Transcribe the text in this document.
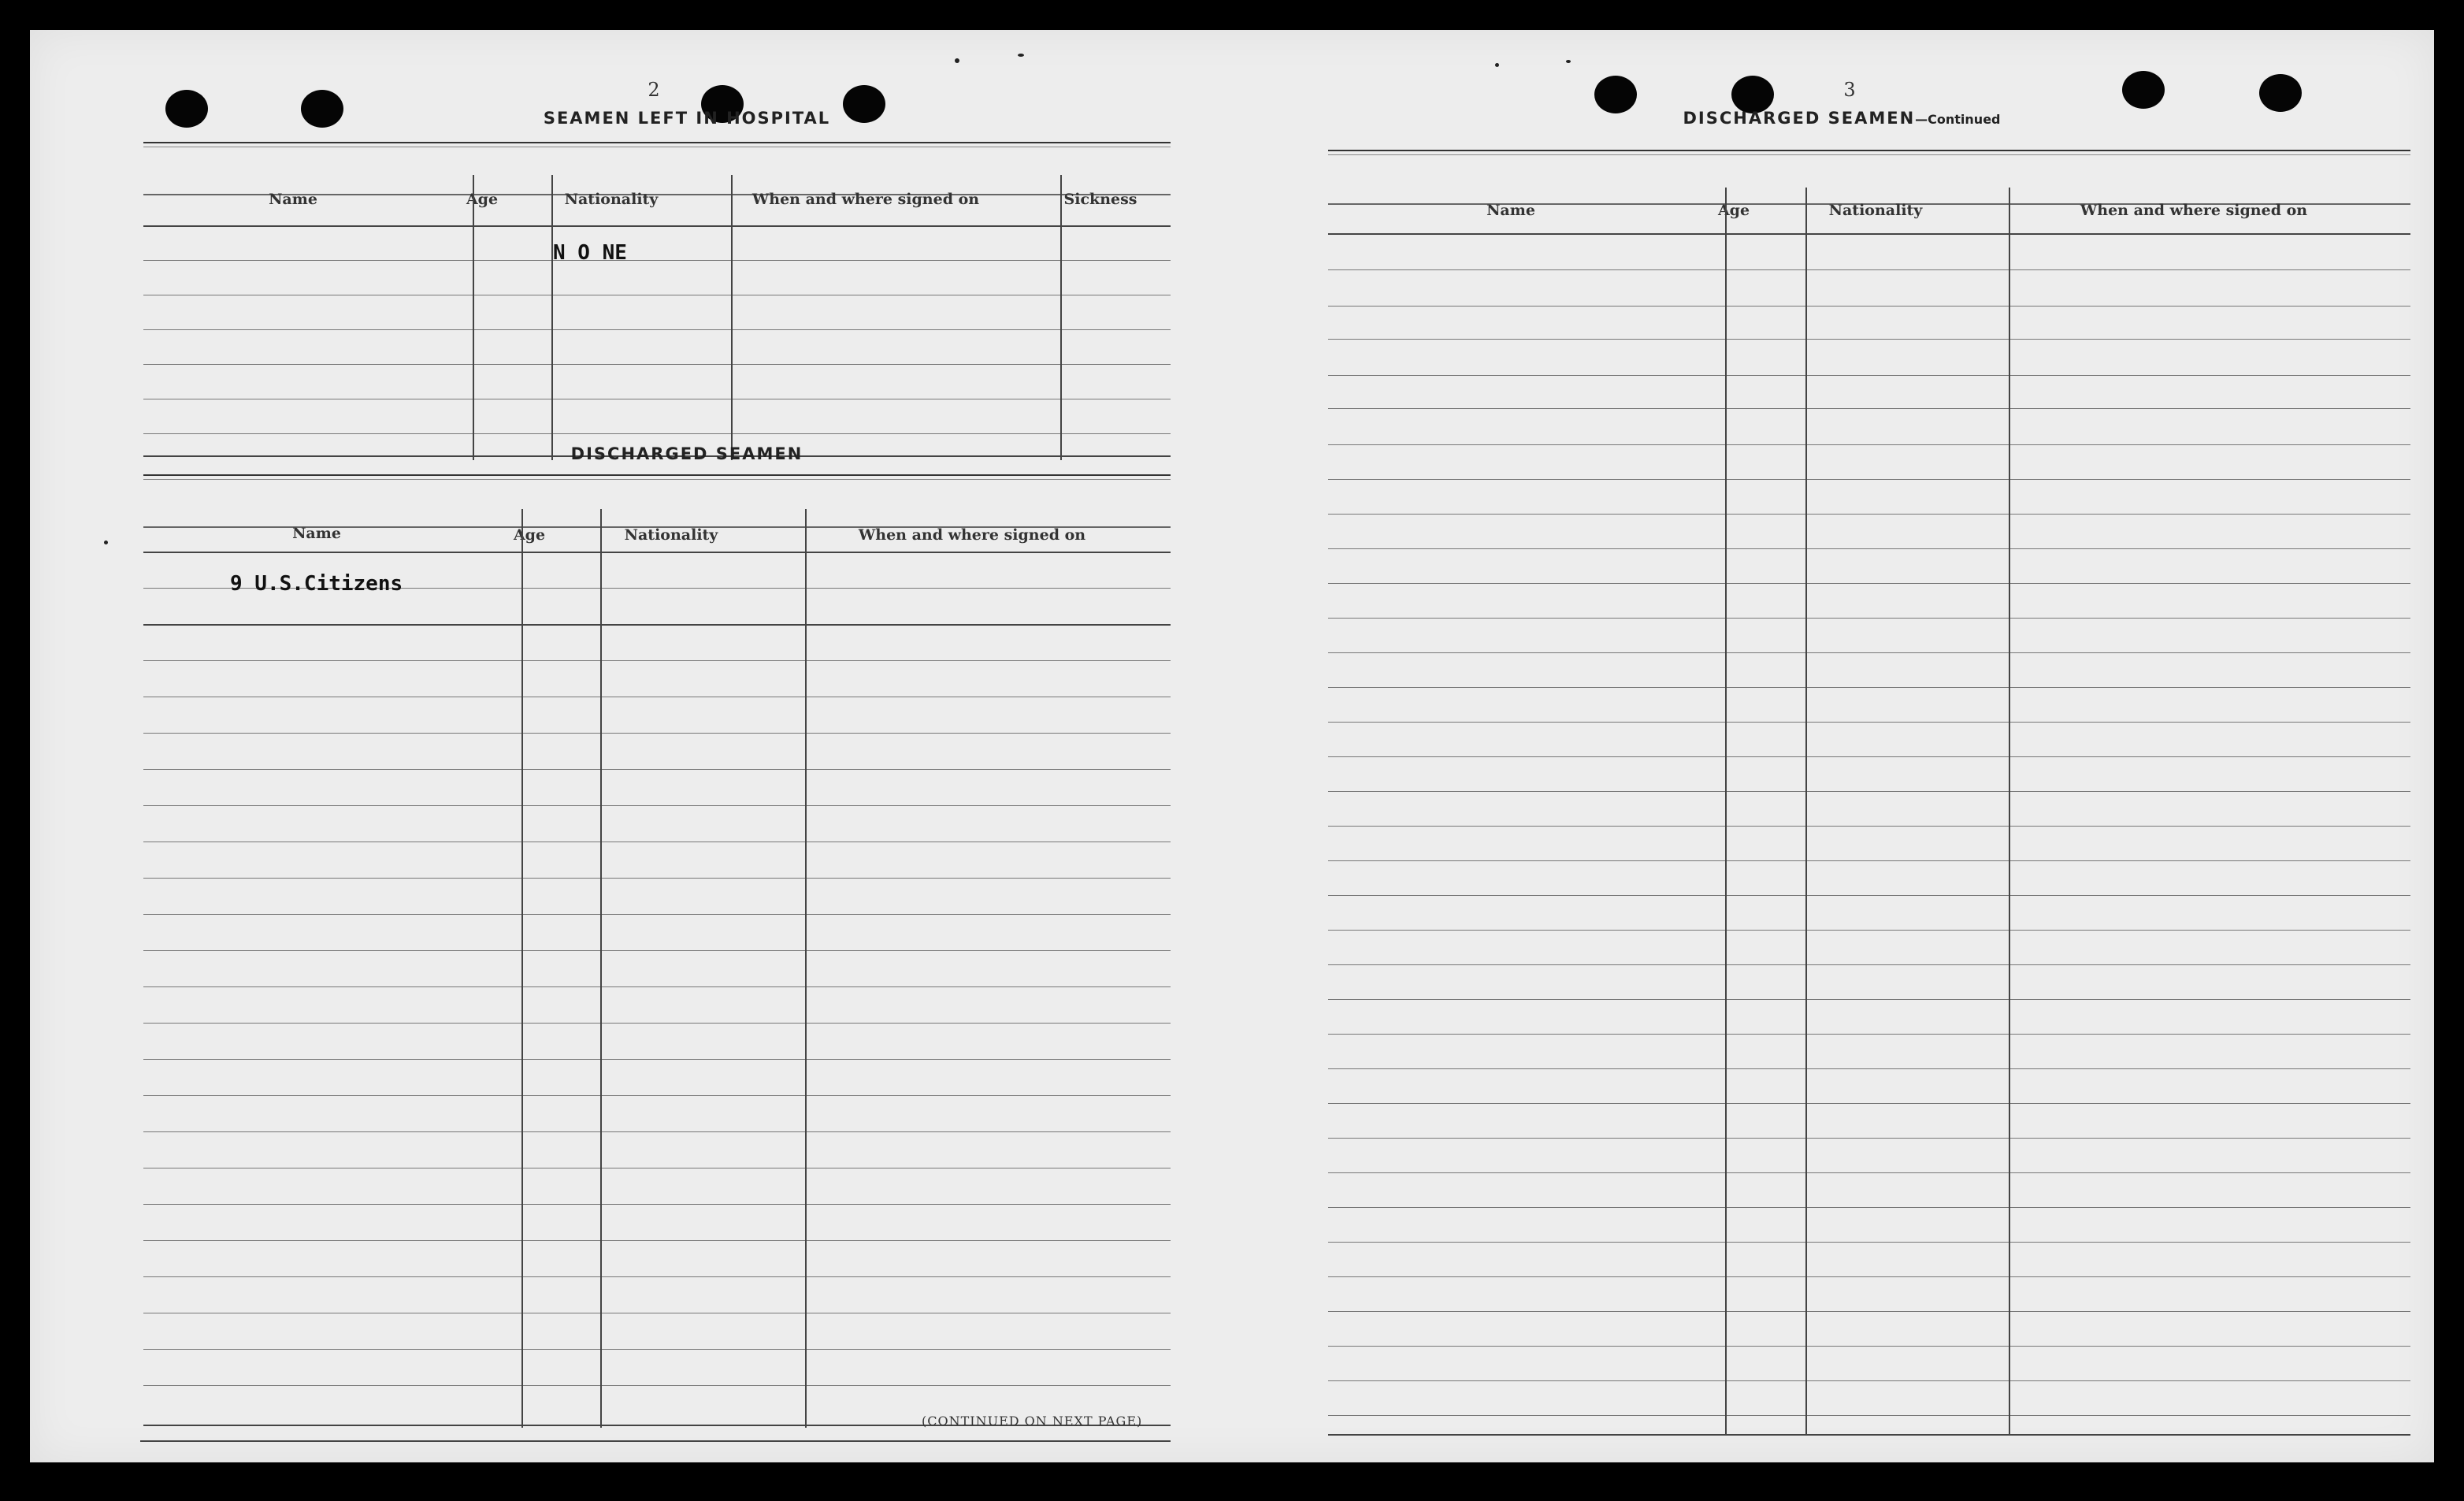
2
SEAMEN LEFT IN HOSPITAL
Name	Age	Nationality	When and where signed on	Sickness
N O NE
DISCHARGED SEAMEN
Name	Age	Nationality	When and where signed on
9 U.S.Citizens
(CONTINUED ON NEXT PAGE)
3
DISCHARGED SEAMEN—Continued
Name	Age	Nationality	When and where signed on
